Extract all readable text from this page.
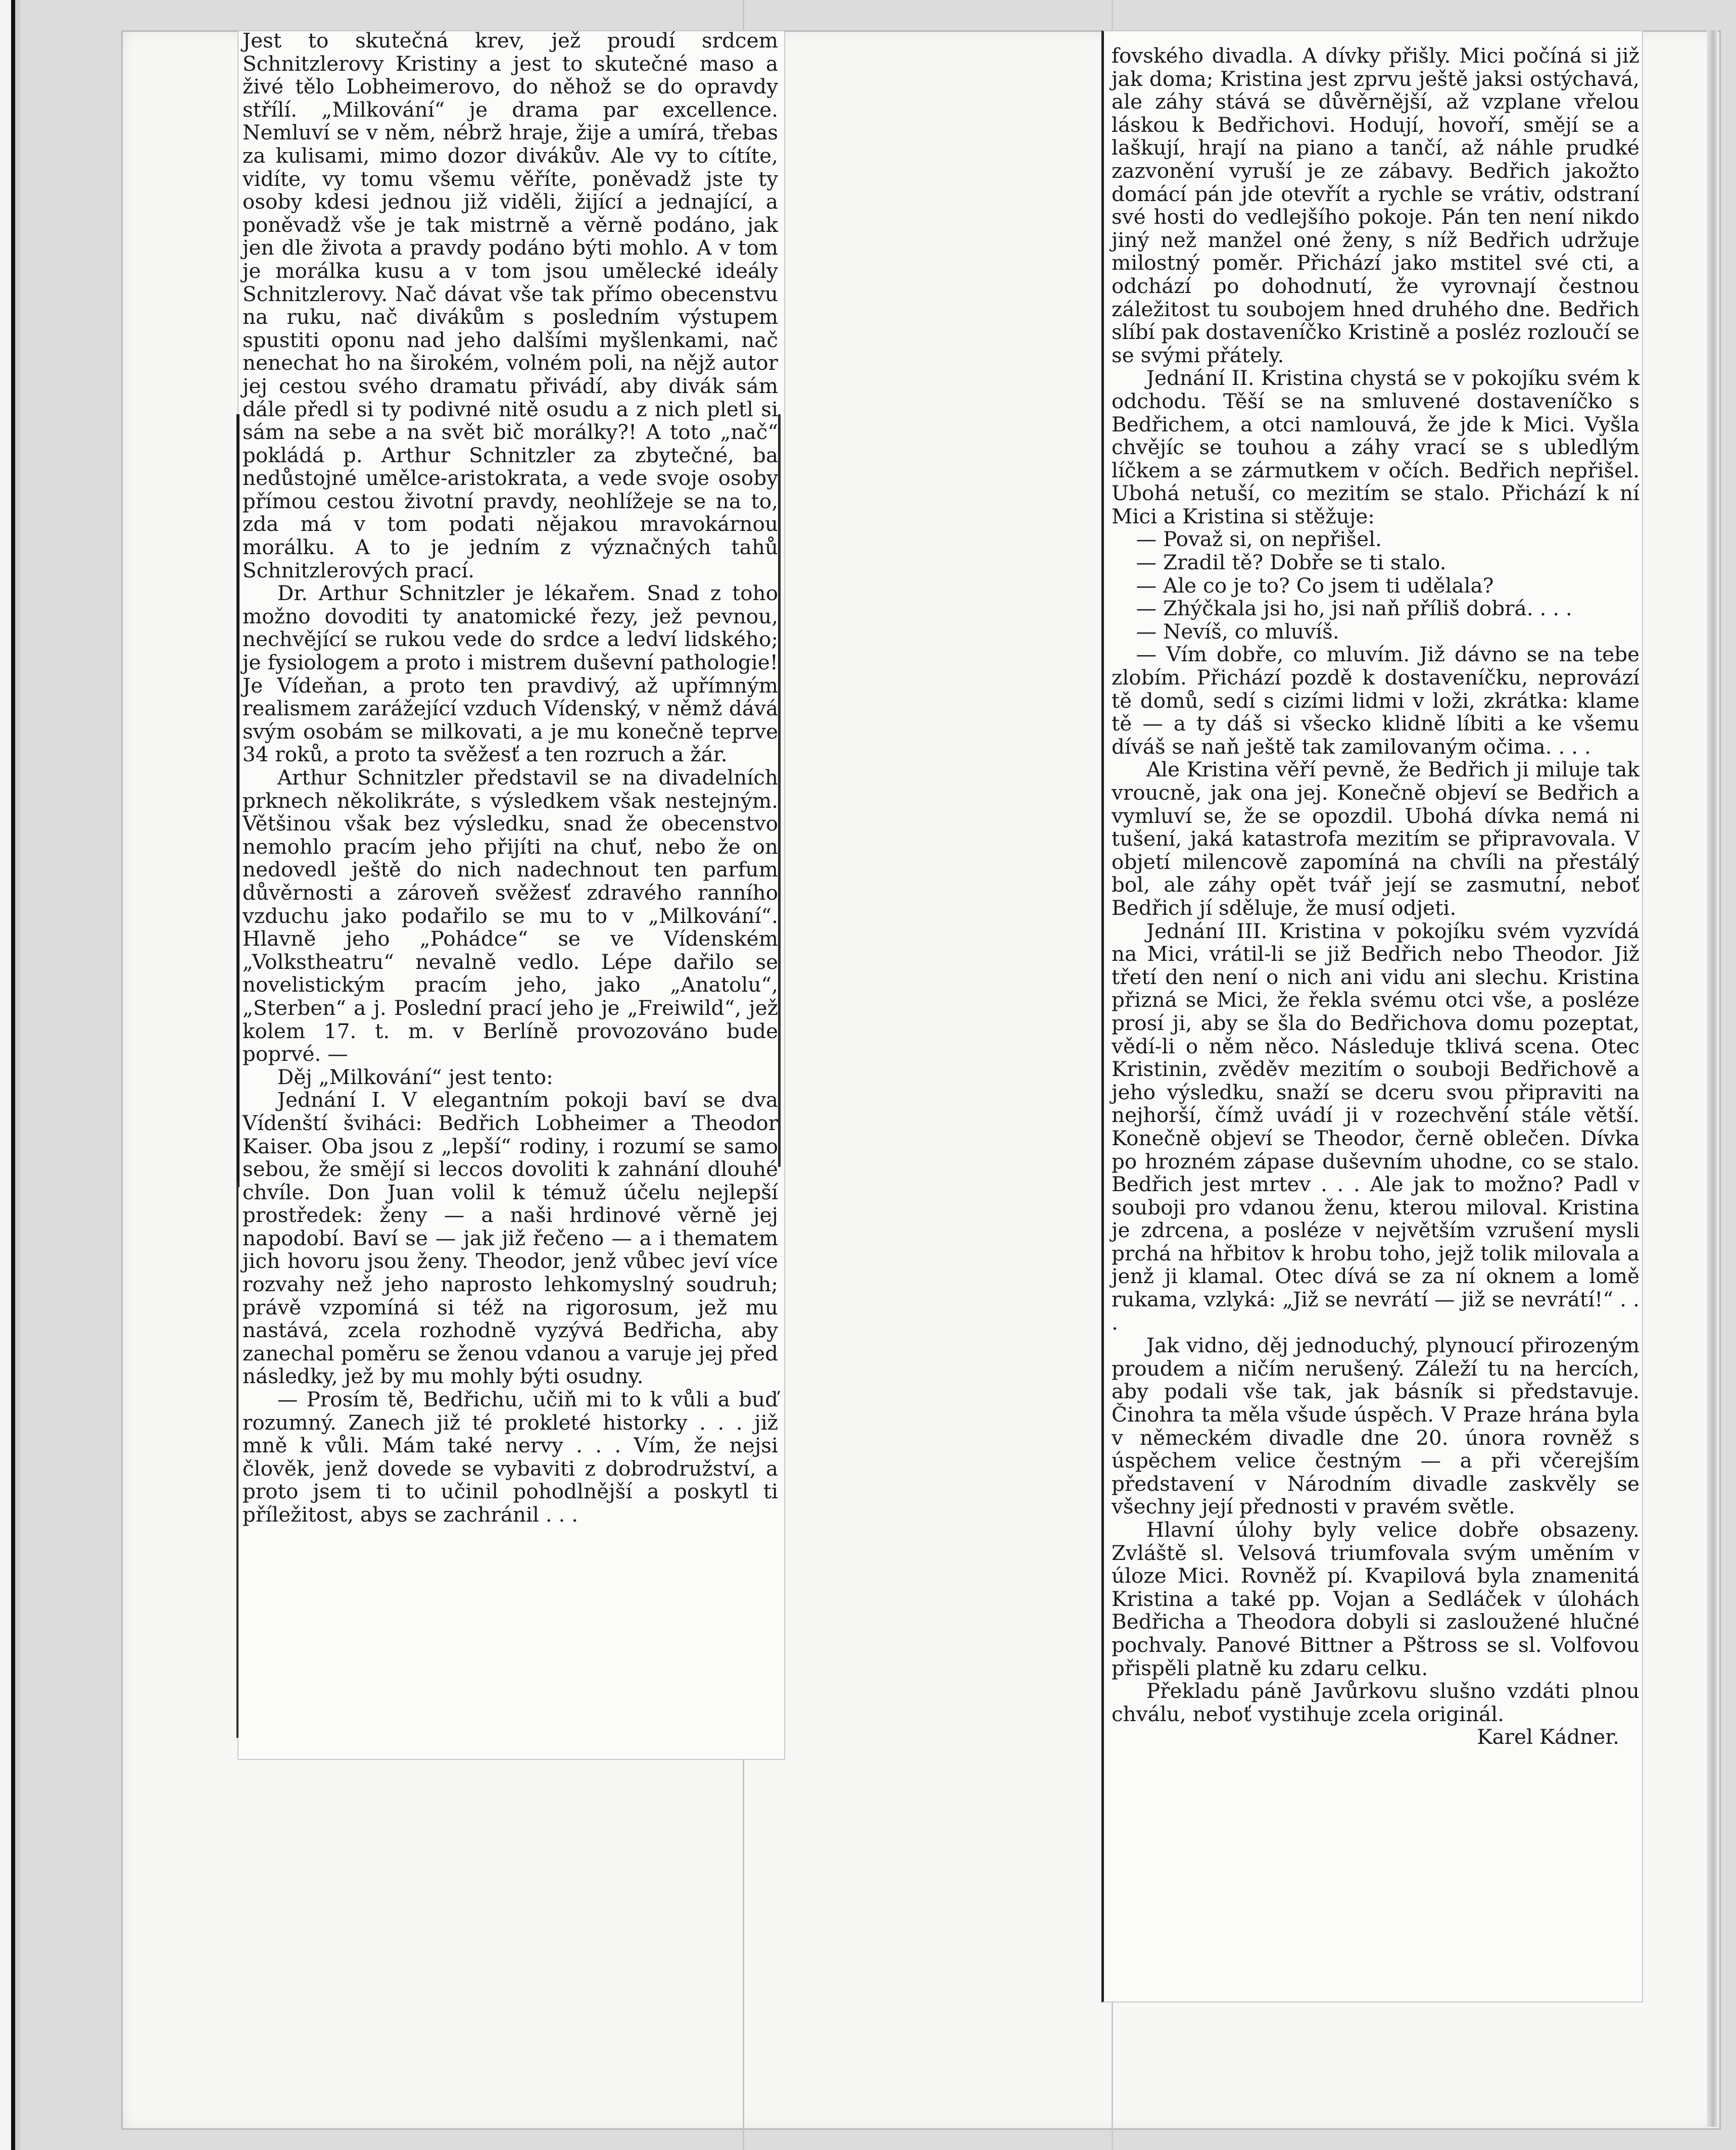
Jest to skutečná krev, jež proudí srdcem Schnitzlerovy Kristiny a jest to skutečné maso a živé tělo Lobheimerovo, do něhož se do opravdy střílí. „Milkování“ je drama par excellence. Nemluví se v něm, nébrž hraje, žije a umírá, třebas za kulisami, mimo dozor divákův. Ale vy to cítíte, vidíte, vy tomu všemu věříte, poněvadž jste ty osoby kdesi jednou již viděli, žijící a jednající, a poněvadž vše je tak mistrně a věrně podáno, jak jen dle života a pravdy podáno býti mohlo. A v tom je morálka kusu a v tom jsou umělecké ideály Schnitzlerovy. Nač dávat vše tak přímo obecenstvu na ruku, nač divákům s posledním výstupem spustiti oponu nad jeho dalšími myšlenkami, nač nenechat ho na širokém, volném poli, na nějž autor jej cestou svého dramatu přivádí, aby divák sám dále předl si ty podivné nitě osudu a z nich pletl si sám na sebe a na svět bič morálky?! A toto „nač“ pokládá p. Arthur Schnitzler za zbytečné, ba nedůstojné umělce-aristokrata, a vede svoje osoby přímou cestou životní pravdy, neohlížeje se na to, zda má v tom podati nějakou mravokárnou morálku. A to je jedním z význačných tahů Schnitzlerových prací.

Dr. Arthur Schnitzler je lékařem. Snad z toho možno dovoditi ty anatomické řezy, jež pevnou, nechvějící se rukou vede do srdce a ledví lidského; je fysiologem a proto i mistrem duševní pathologie! Je Vídeňan, a proto ten pravdivý, až upřímným realismem zarážející vzduch Vídenský, v němž dává svým osobám se milkovati, a je mu konečně teprve 34 roků, a proto ta svěžesť a ten rozruch a žár.

Arthur Schnitzler představil se na divadelních prknech několikráte, s výsledkem však nestejným. Většinou však bez výsledku, snad že obecenstvo nemohlo pracím jeho přijíti na chuť, nebo že on nedovedl ještě do nich nadechnout ten parfum důvěrnosti a zároveň svěžesť zdravého ranního vzduchu jako podařilo se mu to v „Milkování“. Hlavně jeho „Pohádce“ se ve Vídenském „Volkstheatru“ nevalně vedlo. Lépe dařilo se novelistickým pracím jeho, jako „Anatolu“, „Sterben“ a j. Poslední prací jeho je „Freiwild“, jež kolem 17. t. m. v Berlíně provozováno bude poprvé. —

Děj „Milkování“ jest tento:

Jednání I. V elegantním pokoji baví se dva Vídenští šviháci: Bedřich Lobheimer a Theodor Kaiser. Oba jsou z „lepší“ rodiny, i rozumí se samo sebou, že smějí si leccos dovoliti k zahnání dlouhé chvíle. Don Juan volil k témuž účelu nejlepší prostředek: ženy — a naši hrdinové věrně jej napodobí. Baví se — jak již řečeno — a i thematem jich hovoru jsou ženy. Theodor, jenž vůbec jeví více rozvahy než jeho naprosto lehkomyslný soudruh; právě vzpomíná si též na rigorosum, jež mu nastává, zcela rozhodně vyzývá Bedřicha, aby zanechal poměru se ženou vdanou a varuje jej před následky, jež by mu mohly býti osudny.

— Prosím tě, Bedřichu, učiň mi to k vůli a buď rozumný. Zanech již té prokleté historky . . . již mně k vůli. Mám také nervy . . . Vím, že nejsi člověk, jenž dovede se vybaviti z dobrodružství, a proto jsem ti to učinil pohodlnější a poskytl ti příležitost, abys se zachránil . . .

fovského divadla. A dívky přišly. Mici počíná si již jak doma; Kristina jest zprvu ještě jaksi ostýchavá, ale záhy stává se důvěrnější, až vzplane vřelou láskou k Bedřichovi. Hodují, hovoří, smějí se a laškují, hrají na piano a tančí, až náhle prudké zazvonění vyruší je ze zábavy. Bedřich jakožto domácí pán jde otevřít a rychle se vrátiv, odstraní své hosti do vedlejšího pokoje. Pán ten není nikdo jiný než manžel oné ženy, s níž Bedřich udržuje milostný poměr. Přichází jako mstitel své cti, a odchází po dohodnutí, že vyrovnají čestnou záležitost tu soubojem hned druhého dne. Bedřich slíbí pak dostaveníčko Kristině a posléz rozloučí se se svými přátely.

Jednání II. Kristina chystá se v pokojíku svém k odchodu. Těší se na smluvené dostaveníčko s Bedřichem, a otci namlouvá, že jde k Mici. Vyšla chvějíc se touhou a záhy vrací se s ubledlým líčkem a se zármutkem v očích. Bedřich nepřišel. Ubohá netuší, co mezitím se stalo. Přichází k ní Mici a Kristina si stěžuje:

— Považ si, on nepřišel.

— Zradil tě? Dobře se ti stalo.

— Ale co je to? Co jsem ti udělala?

— Zhýčkala jsi ho, jsi naň příliš dobrá. . . .

— Nevíš, co mluvíš.

— Vím dobře, co mluvím. Již dávno se na tebe zlobím. Přichází pozdě k dostaveníčku, neprovází tě domů, sedí s cizími lidmi v loži, zkrátka: klame tě — a ty dáš si všecko klidně líbiti a ke všemu díváš se naň ještě tak zamilovaným očima. . . .

Ale Kristina věří pevně, že Bedřich ji miluje tak vroucně, jak ona jej. Konečně objeví se Bedřich a vymluví se, že se opozdil. Ubohá dívka nemá ni tušení, jaká katastrofa mezitím se připravovala. V objetí milencově zapomíná na chvíli na přestálý bol, ale záhy opět tvář její se zasmutní, neboť Bedřich jí sděluje, že musí odjeti.

Jednání III. Kristina v pokojíku svém vyzvídá na Mici, vrátil-li se již Bedřich nebo Theodor. Již třetí den není o nich ani vidu ani slechu. Kristina přizná se Mici, že řekla svému otci vše, a posléze prosí ji, aby se šla do Bedřichova domu pozeptat, vědí-li o něm něco. Následuje tklivá scena. Otec Kristinin, zvěděv mezitím o souboji Bedřichově a jeho výsledku, snaží se dceru svou připraviti na nejhorší, čímž uvádí ji v rozechvění stále větší. Konečně objeví se Theodor, černě oblečen. Dívka po hrozném zápase duševním uhodne, co se stalo. Bedřich jest mrtev . . . Ale jak to možno? Padl v souboji pro vdanou ženu, kterou miloval. Kristina je zdrcena, a posléze v největším vzrušení mysli prchá na hřbitov k hrobu toho, jejž tolik milovala a jenž ji klamal. Otec dívá se za ní oknem a lomě rukama, vzlyká: „Již se nevrátí — již se nevrátí!“ . . .

Jak vidno, děj jednoduchý, plynoucí přirozeným proudem a ničím nerušený. Záleží tu na hercích, aby podali vše tak, jak básník si představuje. Činohra ta měla všude úspěch. V Praze hrána byla v německém divadle dne 20. února rovněž s úspěchem velice čestným — a při včerejším představení v Národním divadle zaskvěly se všechny její přednosti v pravém světle.

Hlavní úlohy byly velice dobře obsazeny. Zvláště sl. Velsová triumfovala svým uměním v úloze Mici. Rovněž pí. Kvapilová byla znamenitá Kristina a také pp. Vojan a Sedláček v úlohách Bedřicha a Theodora dobyli si zasloužené hlučné pochvaly. Panové Bittner a Pštross se sl. Volfovou přispěli platně ku zdaru celku.

Překladu páně Javůrkovu slušno vzdáti plnou chválu, neboť vystihuje zcela originál.

Karel Kádner.
